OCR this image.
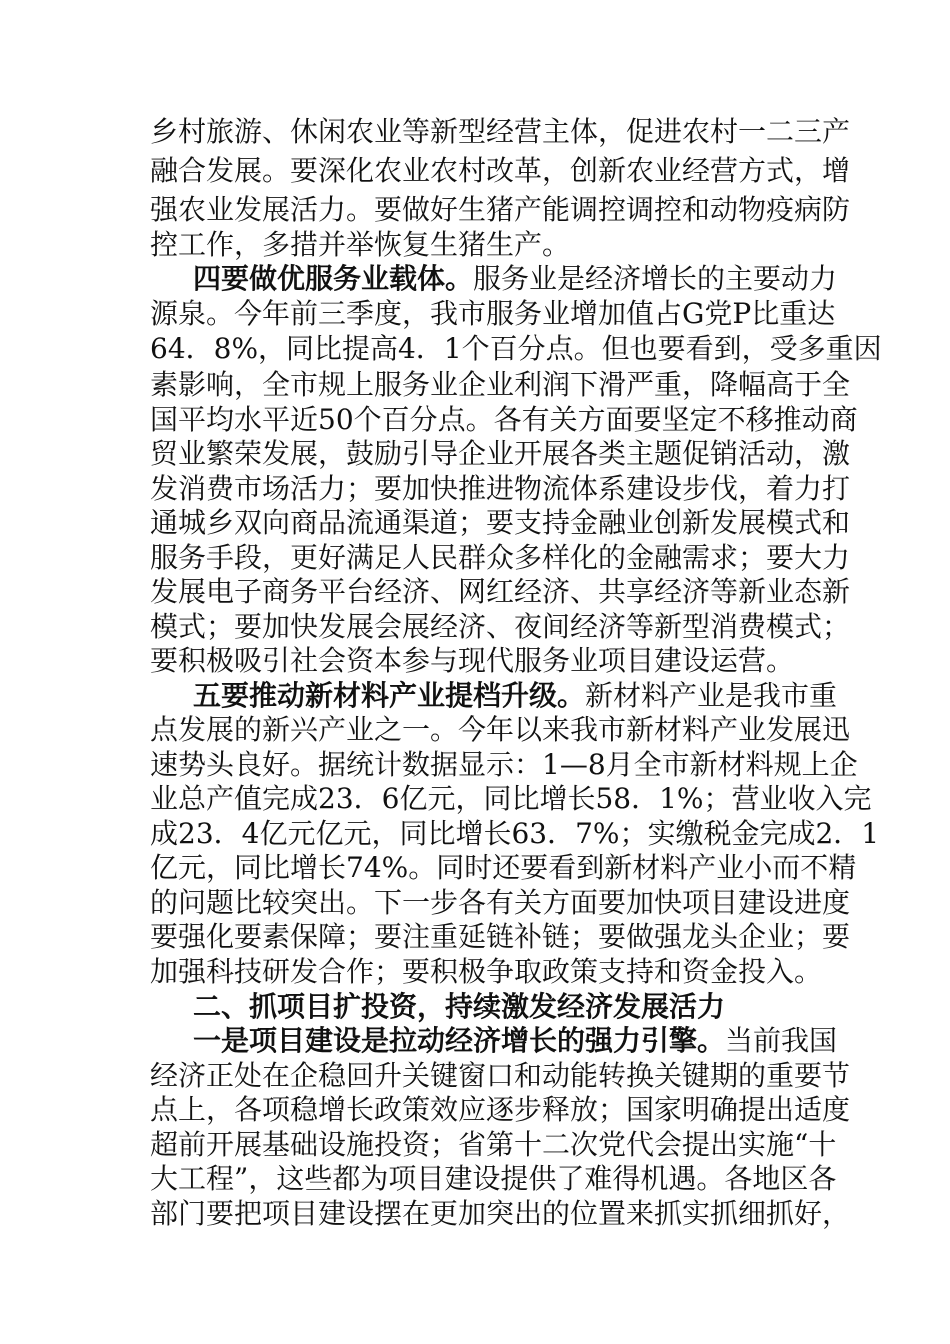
乡村旅游、休闲农业等新型经营主体，促进农村一二三产
融合发展。要深化农业农村改革，创新农业经营方式，增
强农业发展活力。要做好生猪产能调控调控和动物疫病防
控工作，多措并举恢复生猪生产。
四要做优服务业载体。服务业是经济增长的主要动力
源泉。今年前三季度，我市服务业增加值占G党P比重达
64．8%，同比提高4．1个百分点。但也要看到，受多重因
素影响，全市规上服务业企业利润下滑严重，降幅高于全
国平均水平近50个百分点。各有关方面要坚定不移推动商
贸业繁荣发展，鼓励引导企业开展各类主题促销活动，激
发消费市场活力；要加快推进物流体系建设步伐，着力打
通城乡双向商品流通渠道；要支持金融业创新发展模式和
服务手段，更好满足人民群众多样化的金融需求；要大力
发展电子商务平台经济、网红经济、共享经济等新业态新
模式；要加快发展会展经济、夜间经济等新型消费模式；
要积极吸引社会资本参与现代服务业项目建设运营。
五要推动新材料产业提档升级。新材料产业是我市重
点发展的新兴产业之一。今年以来我市新材料产业发展迅
速势头良好。据统计数据显示：1—8月全市新材料规上企
业总产值完成23．6亿元，同比增长58．1%；营业收入完
成23．4亿元亿元，同比增长63．7%；实缴税金完成2．1
亿元，同比增长74%。同时还要看到新材料产业小而不精
的问题比较突出。下一步各有关方面要加快项目建设进度
要强化要素保障；要注重延链补链；要做强龙头企业；要
加强科技研发合作；要积极争取政策支持和资金投入。
二、抓项目扩投资，持续激发经济发展活力
一是项目建设是拉动经济增长的强力引擎。当前我国
经济正处在企稳回升关键窗口和动能转换关键期的重要节
点上，各项稳增长政策效应逐步释放；国家明确提出适度
超前开展基础设施投资；省第十二次党代会提出实施“十
大工程”，这些都为项目建设提供了难得机遇。各地区各
部门要把项目建设摆在更加突出的位置来抓实抓细抓好，
